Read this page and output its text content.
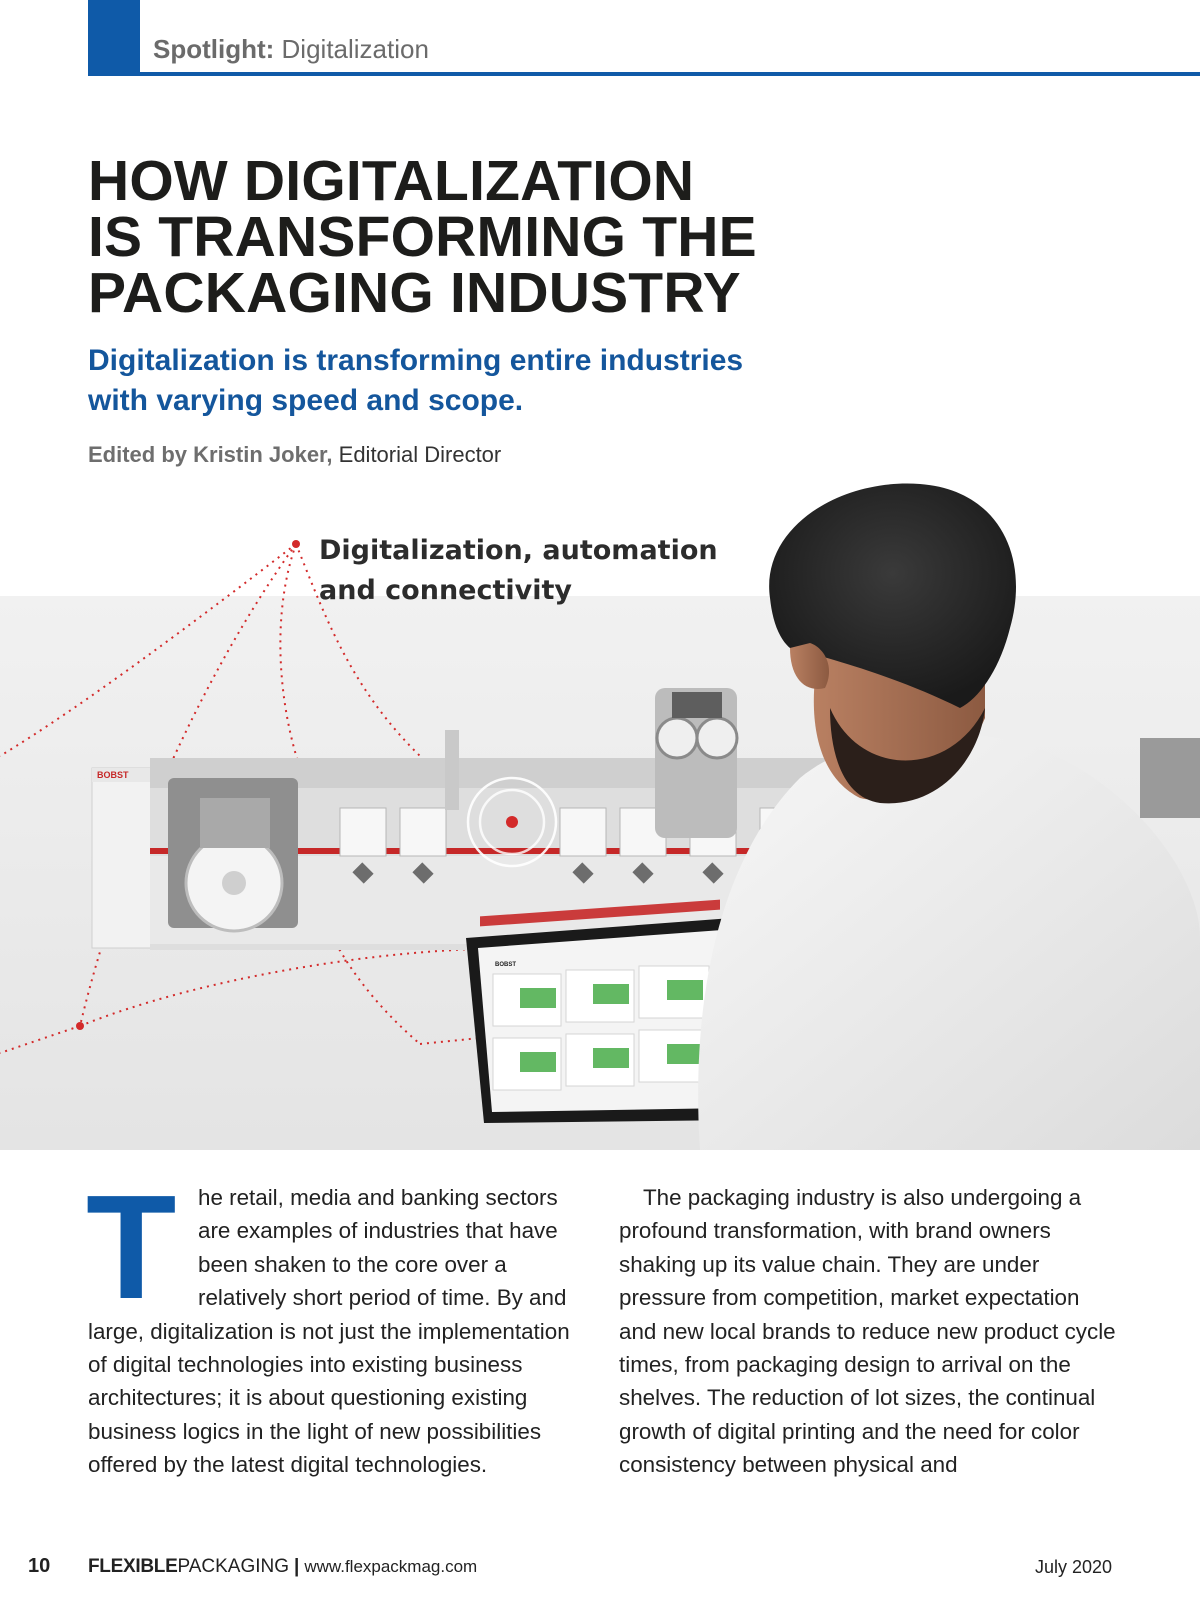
Spotlight: Digitalization
HOW DIGITALIZATION
IS TRANSFORMING THE
PACKAGING INDUSTRY
Digitalization is transforming entire industries
with varying speed and scope.
Edited by Kristin Joker, Editorial Director
BOBST
BOBST
Digitalization, automation
and connectivity
T he retail, media and banking sectors are examples of industries that have been shaken to the core over a relatively short period of time. By and large, digitalization is not just the implementation of digital technologies into existing business architectures; it is about questioning existing business logics in the light of new possibilities offered by the latest digital technologies.

The packaging industry is also undergoing a profound transformation, with brand owners shaking up its value chain. They are under pressure from competition, market expectation and new local brands to reduce new product cycle times, from packaging design to arrival on the shelves. The reduction of lot sizes, the continual growth of digital printing and the need for color consistency between physical and

10 FLEXIBLEPACKAGING | www.flexpackmag.com	July 2020
